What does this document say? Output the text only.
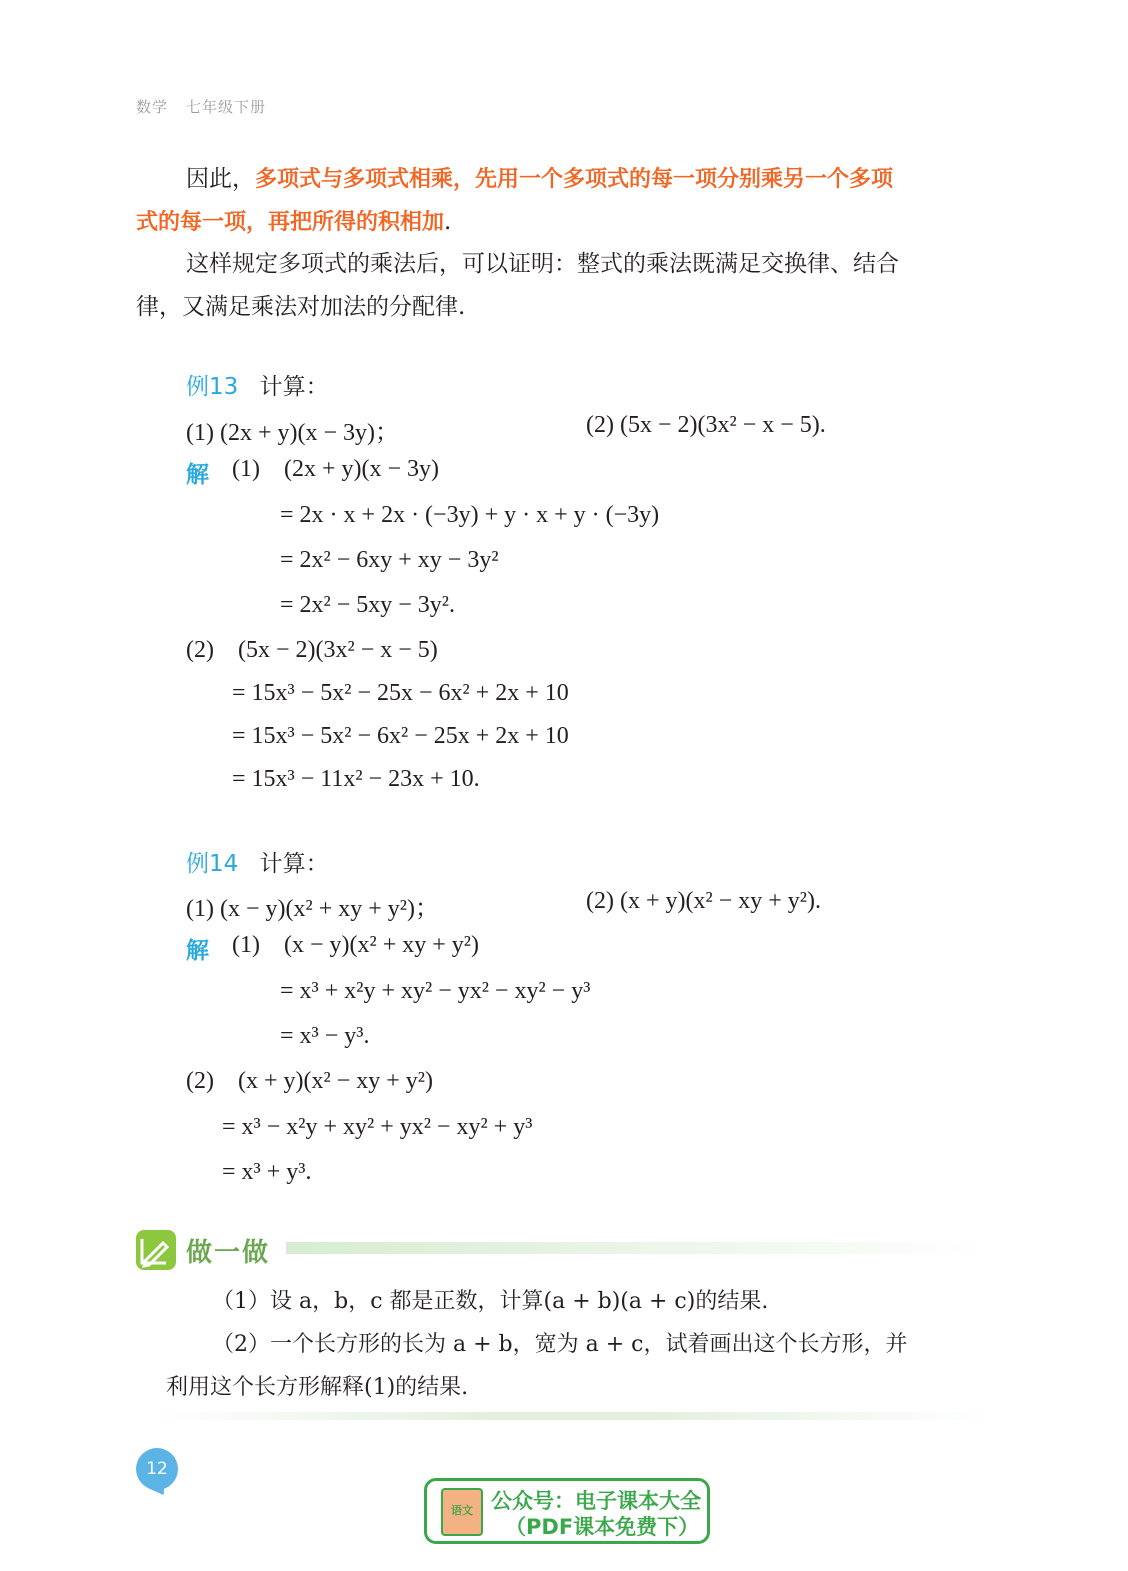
数学 七年级下册
因此，多项式与多项式相乘，先用一个多项式的每一项分别乘另一个多项
式的每一项，再把所得的积相加.
这样规定多项式的乘法后，可以证明：整式的乘法既满足交换律、结合
律，又满足乘法对加法的分配律.
例13 计算：
(1) (2x + y)(x − 3y)；	(2) (5x − 2)(3x² − x − 5).
解 (1)    (2x + y)(x − 3y)
= 2x · x + 2x · (−3y) + y · x + y · (−3y)
= 2x² − 6xy + xy − 3y²
= 2x² − 5xy − 3y².
(2)    (5x − 2)(3x² − x − 5)
= 15x³ − 5x² − 25x − 6x² + 2x + 10
= 15x³ − 5x² − 6x² − 25x + 2x + 10
= 15x³ − 11x² − 23x + 10.
例14 计算：
(1) (x − y)(x² + xy + y²)；	(2) (x + y)(x² − xy + y²).
解 (1)    (x − y)(x² + xy + y²)
= x³ + x²y + xy² − yx² − xy² − y³
= x³ − y³.
(2)    (x + y)(x² − xy + y²)
= x³ − x²y + xy² + yx² − xy² + y³
= x³ + y³.
做一做
（1）设 a，b，c 都是正数，计算(a + b)(a + c)的结果.
（2）一个长方形的长为 a + b，宽为 a + c，试着画出这个长方形，并
利用这个长方形解释(1)的结果.
12
语文 公众号：电子课本大全
（PDF课本免费下）
